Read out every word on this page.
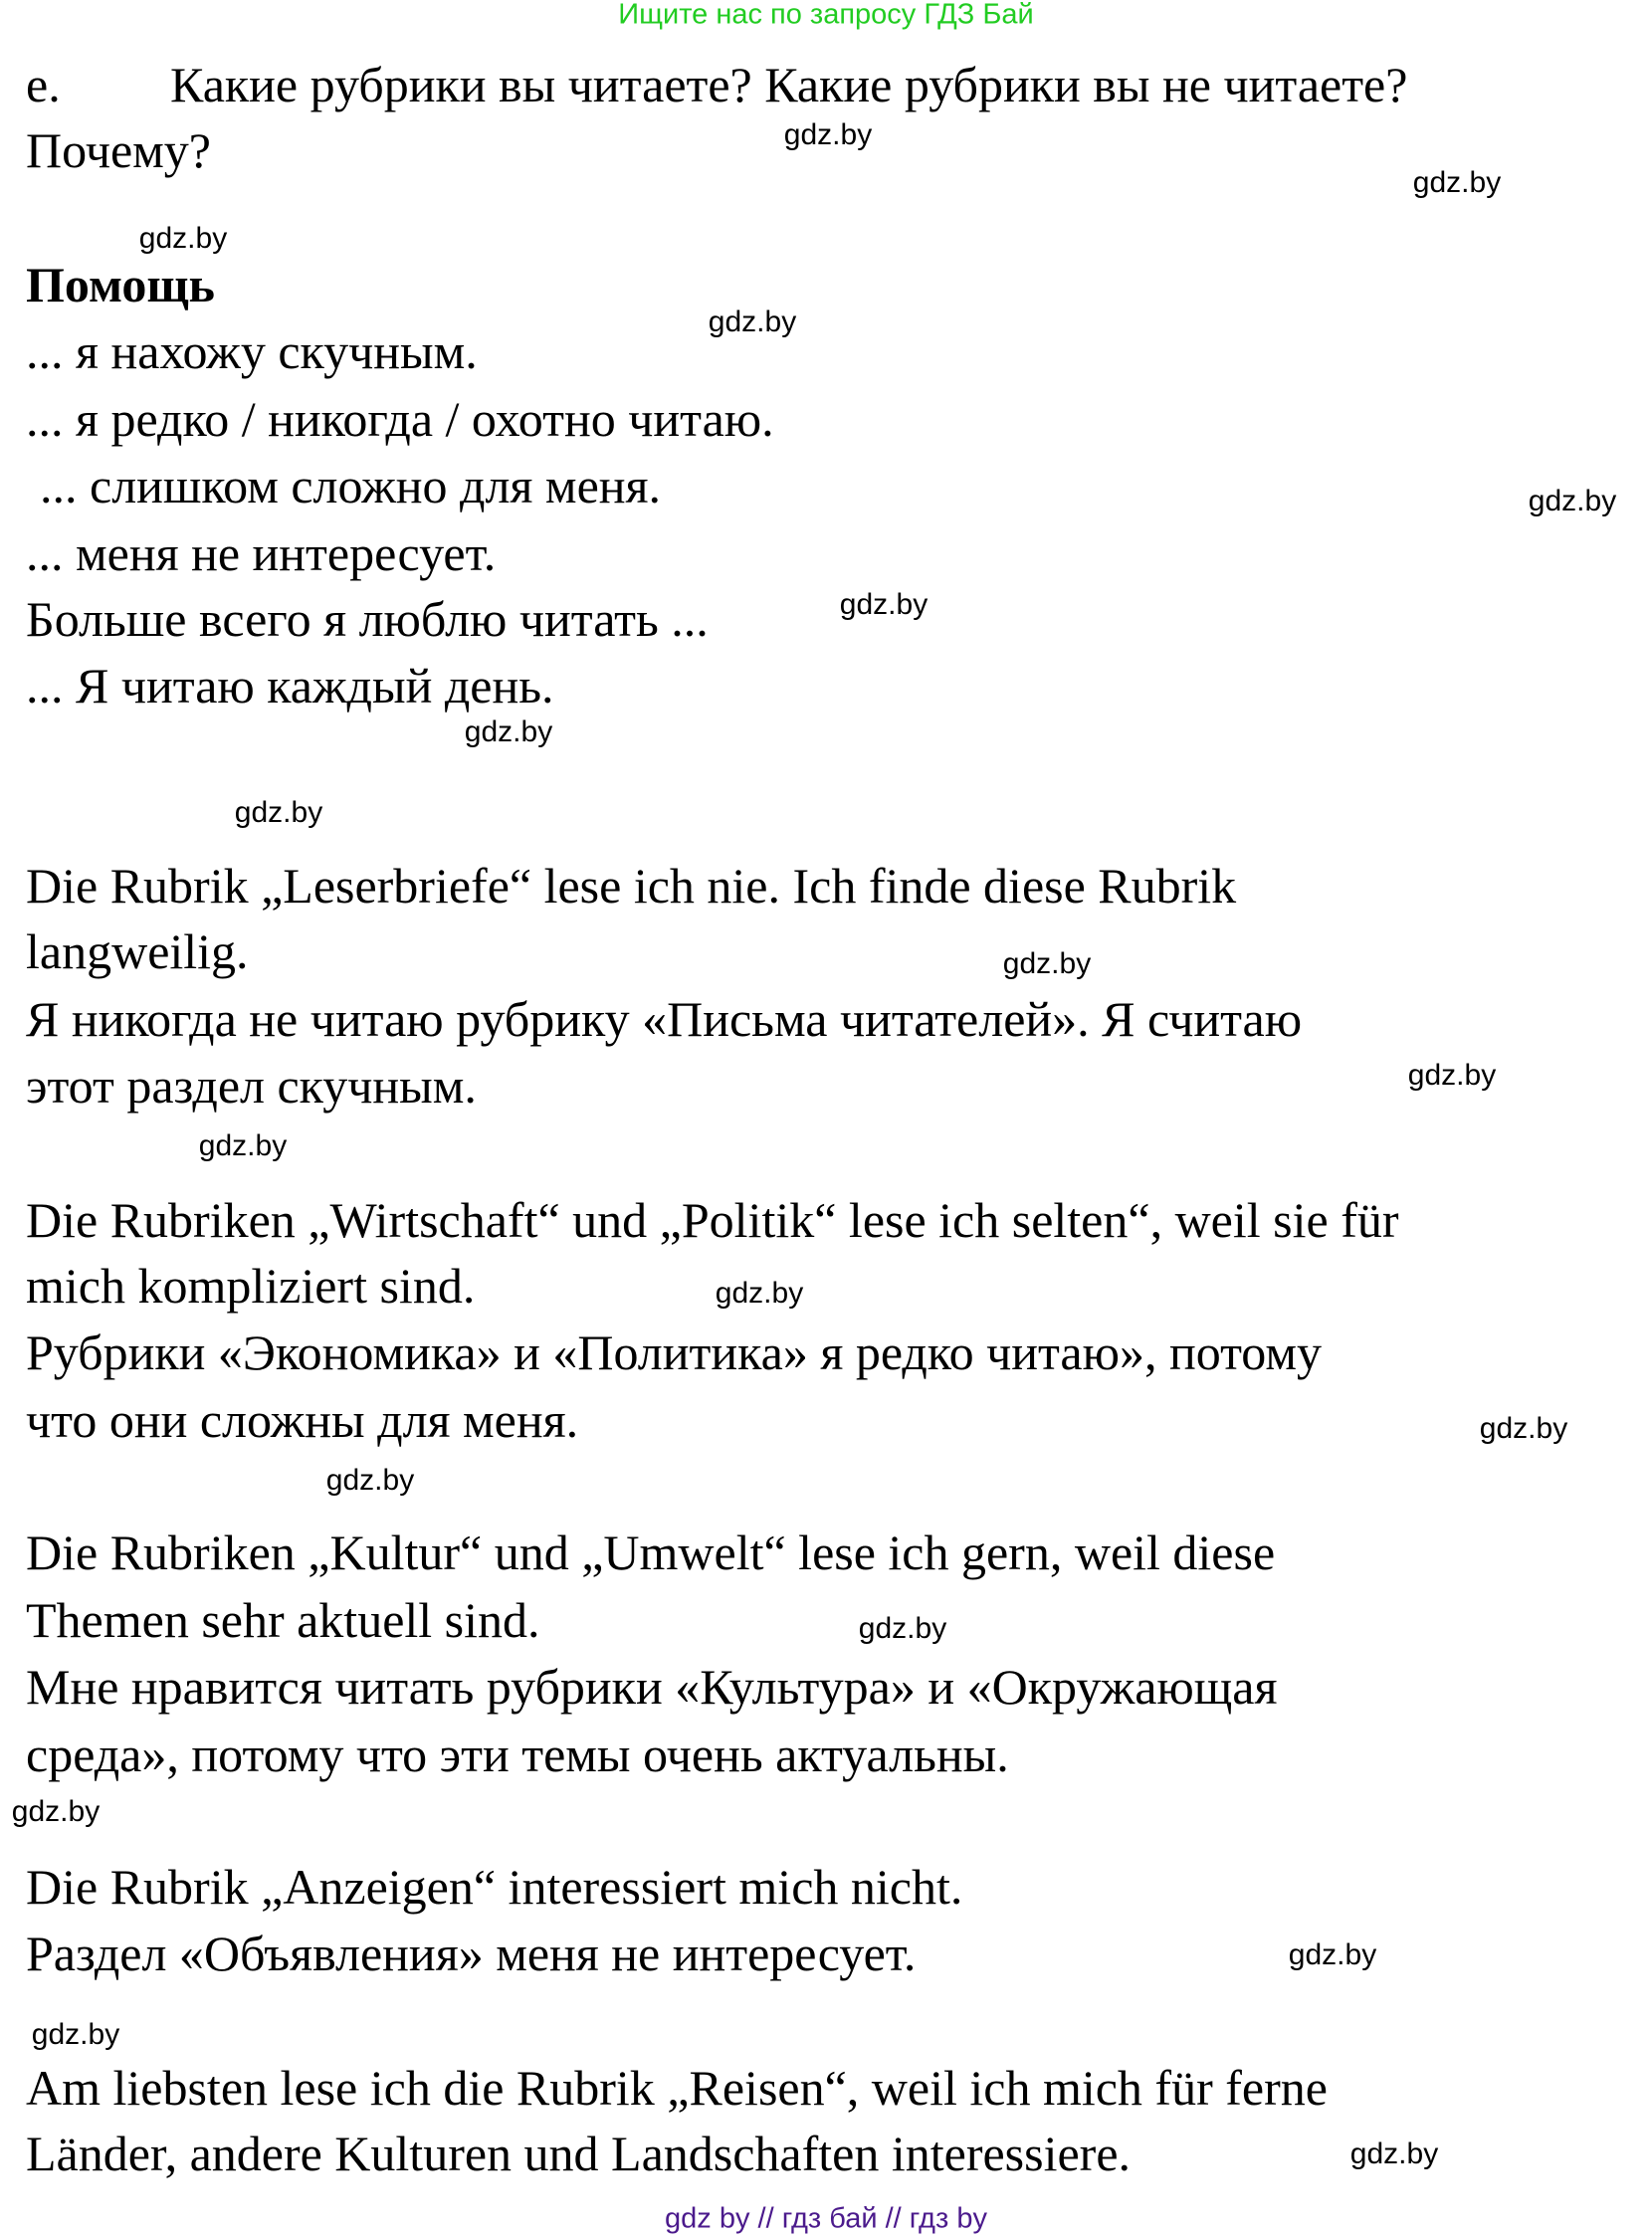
Ищите нас по запросу ГДЗ Бай
е. Какие рубрики вы читаете? Какие рубрики вы не читаете?
Почему?
Помощь
... я нахожу скучным.
... я редко / никогда / охотно читаю.
... слишком сложно для меня.
... меня не интересует.
Больше всего я люблю читать ...
... Я читаю каждый день.
Die Rubrik „Leserbriefe“ lese ich nie. Ich finde diese Rubrik
langweilig.
Я никогда не читаю рубрику «Письма читателей». Я считаю
этот раздел скучным.
Die Rubriken „Wirtschaft“ und „Politik“ lese ich selten“, weil sie für
mich kompliziert sind.
Рубрики «Экономика» и «Политика» я редко читаю», потому
что они сложны для меня.
Die Rubriken „Kultur“ und „Umwelt“ lese ich gern, weil diese
Themen sehr aktuell sind.
Мне нравится читать рубрики «Культура» и «Окружающая
среда», потому что эти темы очень актуальны.
Die Rubrik „Anzeigen“ interessiert mich nicht.
Раздел «Объявления» меня не интересует.
Am liebsten lese ich die Rubrik „Reisen“, weil ich mich für ferne
Länder, andere Kulturen und Landschaften interessiere.
gdz.by
gdz.by
gdz.by
gdz.by
gdz.by
gdz.by
gdz.by
gdz.by
gdz.by
gdz.by
gdz.by
gdz.by
gdz.by
gdz.by
gdz.by
gdz.by
gdz.by
gdz.by
gdz.by
gdz by // гдз бай // гдз by
